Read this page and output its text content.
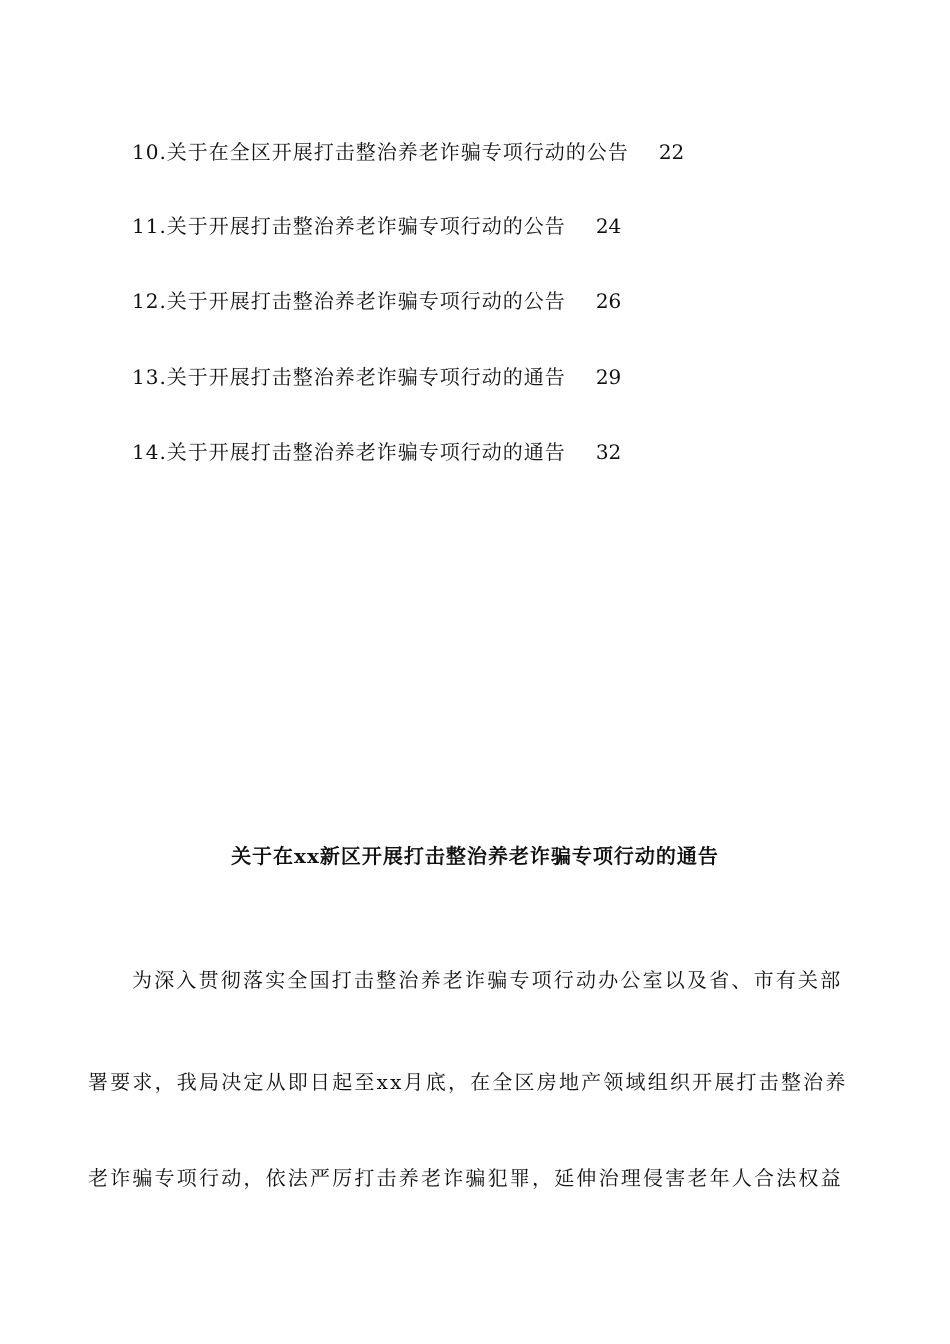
10.关于在全区开展打击整治养老诈骗专项行动的公告 22
11.关于开展打击整治养老诈骗专项行动的公告 24
12.关于开展打击整治养老诈骗专项行动的公告 26
13.关于开展打击整治养老诈骗专项行动的通告 29
14.关于开展打击整治养老诈骗专项行动的通告 32
关于在xx新区开展打击整治养老诈骗专项行动的通告
为深入贯彻落实全国打击整治养老诈骗专项行动办公室以及省、市有关部
署要求，我局决定从即日起至xx月底，在全区房地产领域组织开展打击整治养
老诈骗专项行动，依法严厉打击养老诈骗犯罪，延伸治理侵害老年人合法权益
